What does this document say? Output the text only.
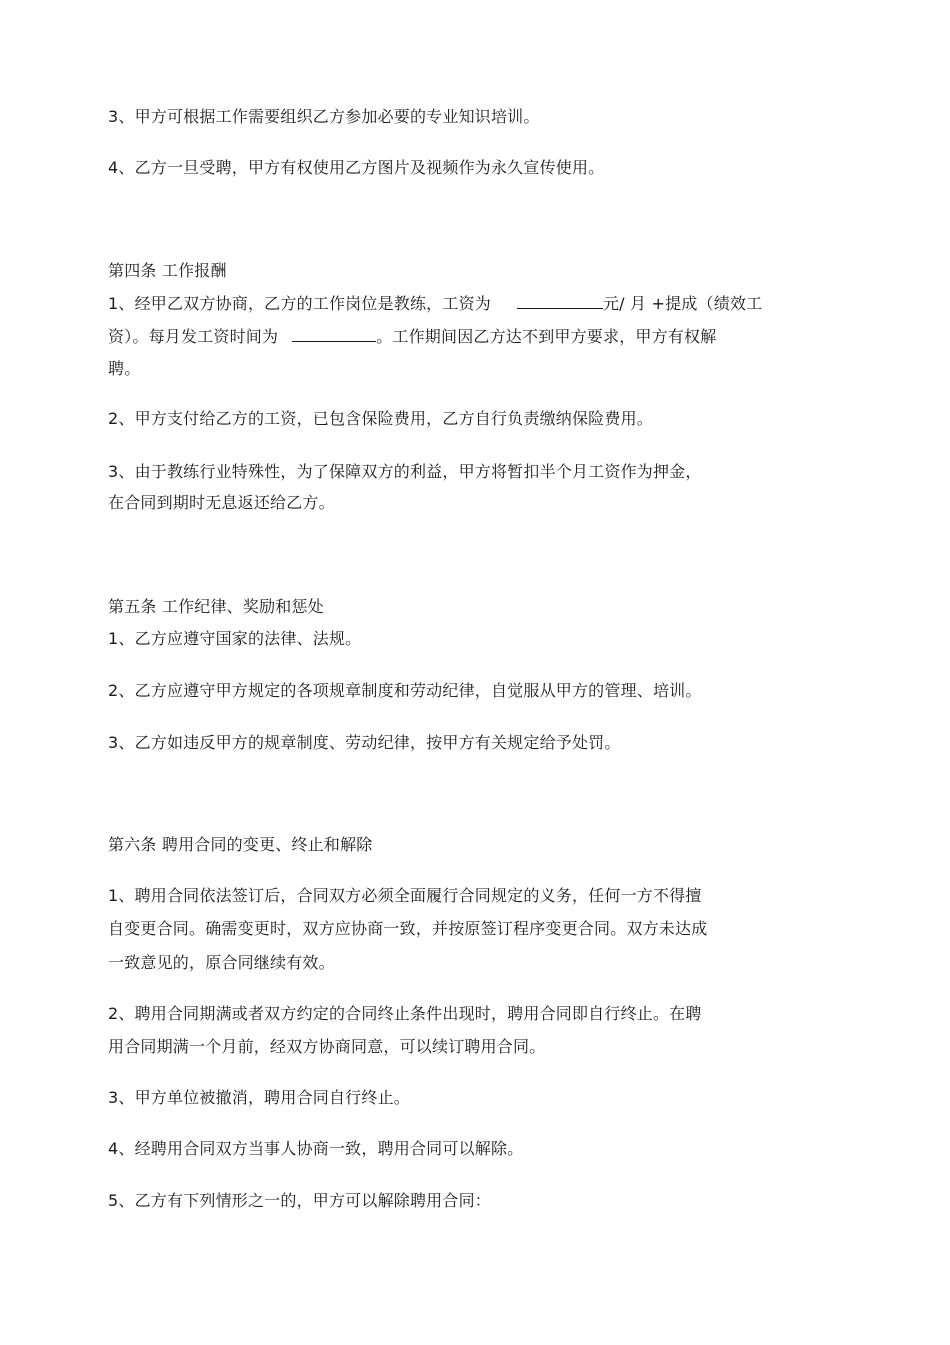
3、甲方可根据工作需要组织乙方参加必要的专业知识培训。
4、乙方一旦受聘，甲方有权使用乙方图片及视频作为永久宣传使用。
第四条 工作报酬
1、经甲乙双方协商，乙方的工作岗位是教练，工资为	元/ 月 +提成（绩效工
资）。每月发工资时间为	。工作期间因乙方达不到甲方要求，甲方有权解
聘。
2、甲方支付给乙方的工资，已包含保险费用，乙方自行负责缴纳保险费用。
3、由于教练行业特殊性，为了保障双方的利益，甲方将暂扣半个月工资作为押金，
在合同到期时无息返还给乙方。
第五条 工作纪律、奖励和惩处
1、乙方应遵守国家的法律、法规。
2、乙方应遵守甲方规定的各项规章制度和劳动纪律，自觉服从甲方的管理、培训。
3、乙方如违反甲方的规章制度、劳动纪律，按甲方有关规定给予处罚。
第六条 聘用合同的变更、终止和解除
1、聘用合同依法签订后，合同双方必须全面履行合同规定的义务，任何一方不得擅
自变更合同。确需变更时，双方应协商一致，并按原签订程序变更合同。双方未达成
一致意见的，原合同继续有效。
2、聘用合同期满或者双方约定的合同终止条件出现时，聘用合同即自行终止。在聘
用合同期满一个月前，经双方协商同意，可以续订聘用合同。
3、甲方单位被撤消，聘用合同自行终止。
4、经聘用合同双方当事人协商一致，聘用合同可以解除。
5、乙方有下列情形之一的，甲方可以解除聘用合同：
